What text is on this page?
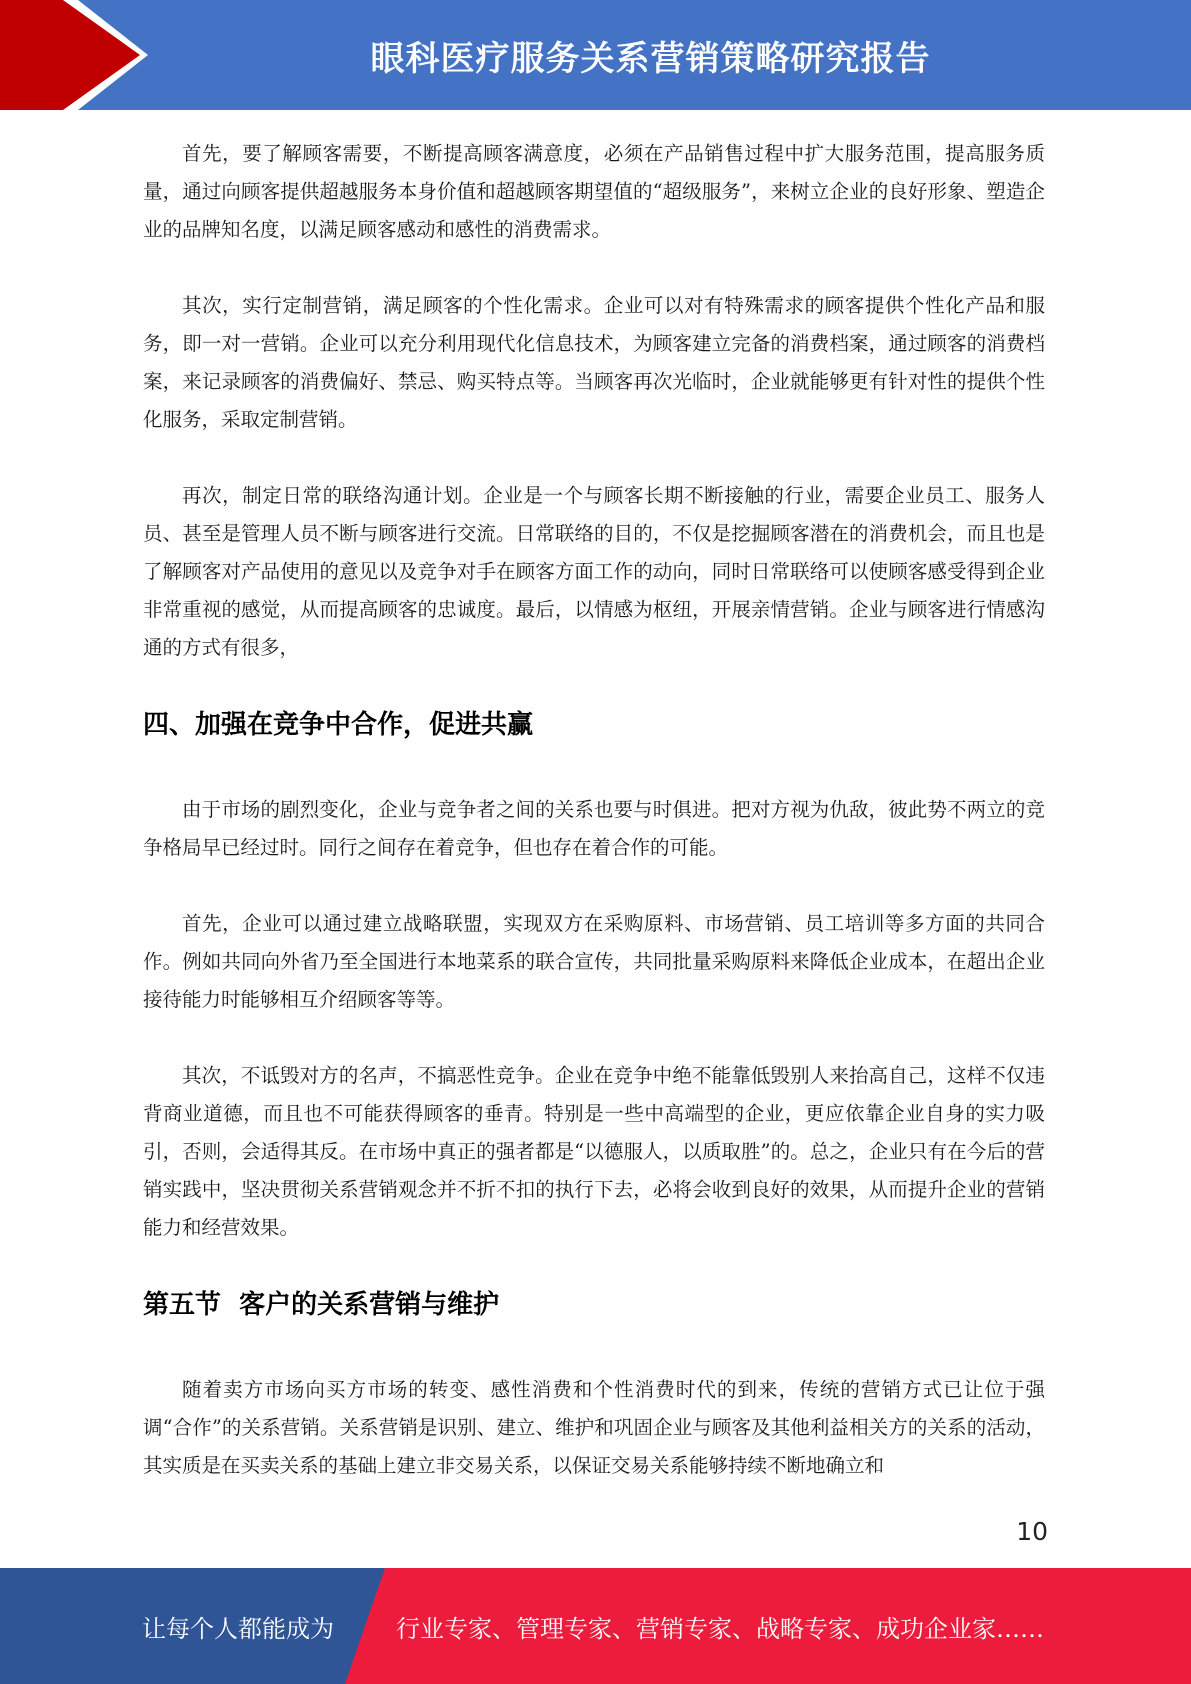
眼科医疗服务关系营销策略研究报告

首先，要了解顾客需要，不断提高顾客满意度，必须在产品销售过程中扩大服务范围，提高服务质量，通过向顾客提供超越服务本身价值和超越顾客期望值的“超级服务”，来树立企业的良好形象、塑造企业的品牌知名度，以满足顾客感动和感性的消费需求。

其次，实行定制营销，满足顾客的个性化需求。企业可以对有特殊需求的顾客提供个性化产品和服务，即一对一营销。企业可以充分利用现代化信息技术，为顾客建立完备的消费档案，通过顾客的消费档案，来记录顾客的消费偏好、禁忌、购买特点等。当顾客再次光临时，企业就能够更有针对性的提供个性化服务，采取定制营销。

再次，制定日常的联络沟通计划。企业是一个与顾客长期不断接触的行业，需要企业员工、服务人员、甚至是管理人员不断与顾客进行交流。日常联络的目的，不仅是挖掘顾客潜在的消费机会，而且也是了解顾客对产品使用的意见以及竞争对手在顾客方面工作的动向，同时日常联络可以使顾客感受得到企业非常重视的感觉，从而提高顾客的忠诚度。最后，以情感为枢纽，开展亲情营销。企业与顾客进行情感沟通的方式有很多，

四、加强在竞争中合作，促进共赢

由于市场的剧烈变化，企业与竞争者之间的关系也要与时俱进。把对方视为仇敌，彼此势不两立的竞争格局早已经过时。同行之间存在着竞争，但也存在着合作的可能。

首先，企业可以通过建立战略联盟，实现双方在采购原料、市场营销、员工培训等多方面的共同合作。例如共同向外省乃至全国进行本地菜系的联合宣传，共同批量采购原料来降低企业成本，在超出企业接待能力时能够相互介绍顾客等等。

其次，不诋毁对方的名声，不搞恶性竞争。企业在竞争中绝不能靠低毁别人来抬高自己，这样不仅违背商业道德，而且也不可能获得顾客的垂青。特别是一些中高端型的企业，更应依靠企业自身的实力吸引，否则，会适得其反。在市场中真正的强者都是“以德服人，以质取胜”的。总之，企业只有在今后的营销实践中，坚决贯彻关系营销观念并不折不扣的执行下去，必将会收到良好的效果，从而提升企业的营销能力和经营效果。

第五节  客户的关系营销与维护

随着卖方市场向买方市场的转变、感性消费和个性消费时代的到来，传统的营销方式已让位于强调“合作”的关系营销。关系营销是识别、建立、维护和巩固企业与顾客及其他利益相关方的关系的活动，其实质是在买卖关系的基础上建立非交易关系，以保证交易关系能够持续不断地确立和

10
让每个人都能成为	行业专家、管理专家、营销专家、战略专家、成功企业家……
